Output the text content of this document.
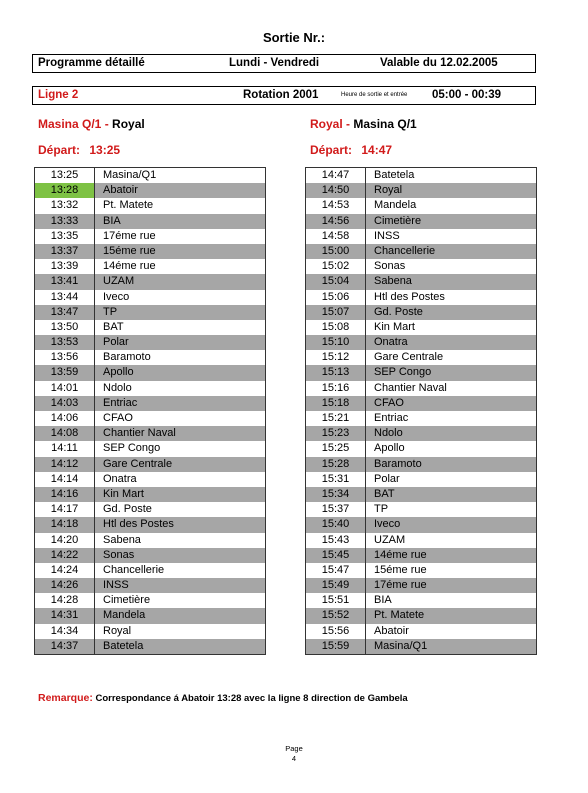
Sortie Nr.:
Programme détaillé	Lundi - Vendredi	Valable du 12.02.2005
Ligne 2	Rotation 2001	Heure de sortie et entrée 05:00 - 00:39
Masina Q/1 - Royal	Royal - Masina Q/1
Départ: 13:25	Départ: 14:47
13:25	Masina/Q1
13:28	Abatoir
13:32	Pt. Matete
13:33	BIA
13:35	17éme rue
13:37	15éme rue
13:39	14éme rue
13:41	UZAM
13:44	Iveco
13:47	TP
13:50	BAT
13:53	Polar
13:56	Baramoto
13:59	Apollo
14:01	Ndolo
14:03	Entriac
14:06	CFAO
14:08	Chantier Naval
14:11	SEP Congo
14:12	Gare Centrale
14:14	Onatra
14:16	Kin Mart
14:17	Gd. Poste
14:18	Htl des Postes
14:20	Sabena
14:22	Sonas
14:24	Chancellerie
14:26	INSS
14:28	Cimetière
14:31	Mandela
14:34	Royal
14:37	Batetela
14:47	Batetela
14:50	Royal
14:53	Mandela
14:56	Cimetière
14:58	INSS
15:00	Chancellerie
15:02	Sonas
15:04	Sabena
15:06	Htl des Postes
15:07	Gd. Poste
15:08	Kin Mart
15:10	Onatra
15:12	Gare Centrale
15:13	SEP Congo
15:16	Chantier Naval
15:18	CFAO
15:21	Entriac
15:23	Ndolo
15:25	Apollo
15:28	Baramoto
15:31	Polar
15:34	BAT
15:37	TP
15:40	Iveco
15:43	UZAM
15:45	14éme rue
15:47	15éme rue
15:49	17éme rue
15:51	BIA
15:52	Pt. Matete
15:56	Abatoir
15:59	Masina/Q1
Remarque: Correspondance á Abatoir 13:28 avec la ligne 8 direction de Gambela
Page
4
